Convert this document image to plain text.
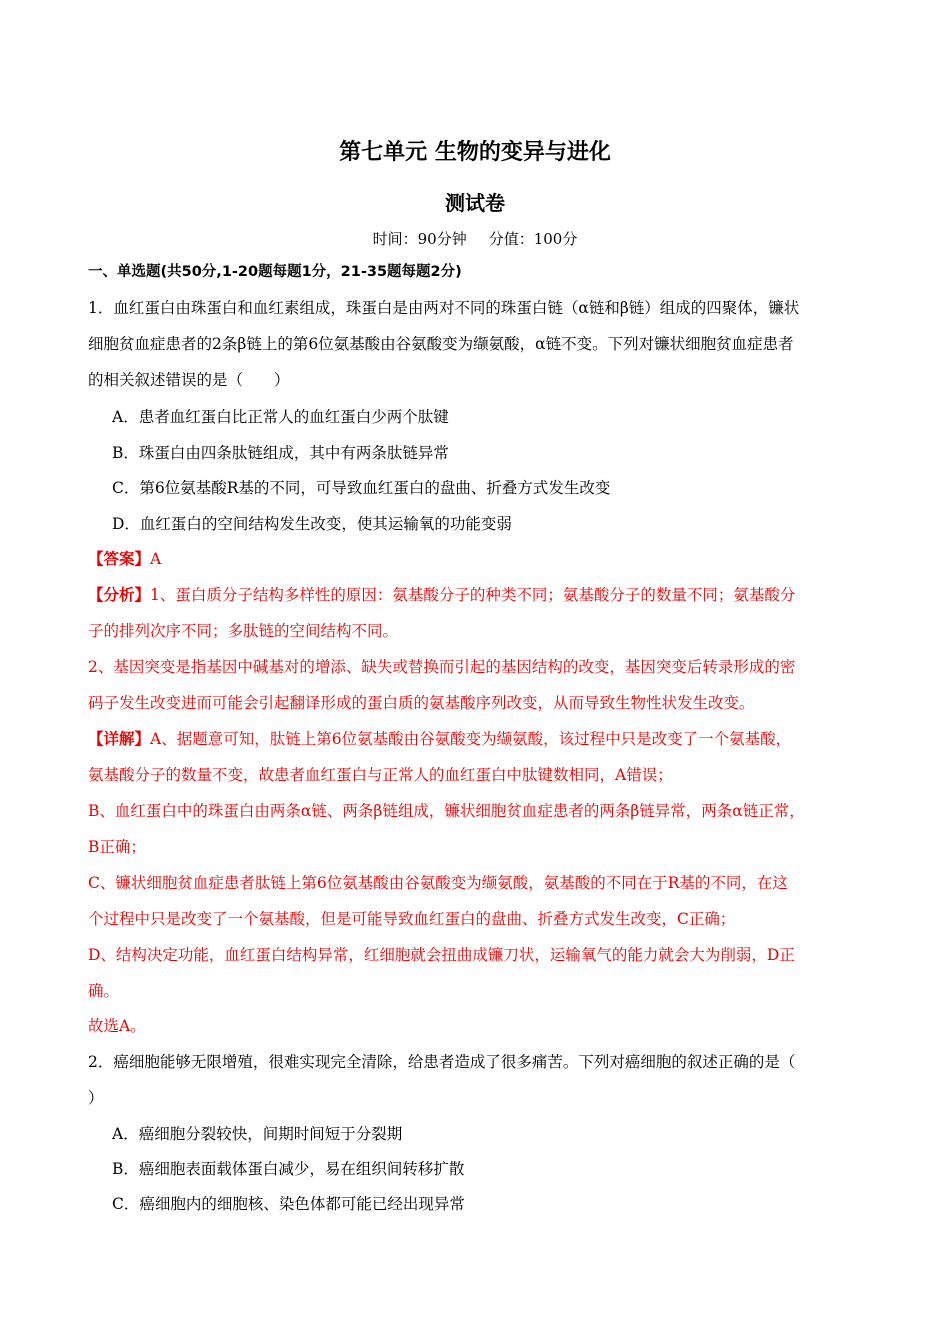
第七单元 生物的变异与进化
测试卷
时间：90分钟 分值：100分
一、单选题(共50分,1-20题每题1分，21-35题每题2分)
1．血红蛋白由珠蛋白和血红素组成，珠蛋白是由两对不同的珠蛋白链（α链和β链）组成的四聚体，镰状
细胞贫血症患者的2条β链上的第6位氨基酸由谷氨酸变为缬氨酸，α链不变。下列对镰状细胞贫血症患者
的相关叙述错误的是（　　）
A．患者血红蛋白比正常人的血红蛋白少两个肽键
B．珠蛋白由四条肽链组成，其中有两条肽链异常
C．第6位氨基酸R基的不同，可导致血红蛋白的盘曲、折叠方式发生改变
D．血红蛋白的空间结构发生改变，使其运输氧的功能变弱
【答案】A
【分析】1、蛋白质分子结构多样性的原因：氨基酸分子的种类不同；氨基酸分子的数量不同；氨基酸分
子的排列次序不同；多肽链的空间结构不同。
2、基因突变是指基因中碱基对的增添、缺失或替换而引起的基因结构的改变，基因突变后转录形成的密
码子发生改变进而可能会引起翻译形成的蛋白质的氨基酸序列改变，从而导致生物性状发生改变。
【详解】A、据题意可知，肽链上第6位氨基酸由谷氨酸变为缬氨酸，该过程中只是改变了一个氨基酸，
氨基酸分子的数量不变，故患者血红蛋白与正常人的血红蛋白中肽键数相同，A错误；
B、血红蛋白中的珠蛋白由两条α链、两条β链组成，镰状细胞贫血症患者的两条β链异常，两条α链正常，
B正确；
C、镰状细胞贫血症患者肽链上第6位氨基酸由谷氨酸变为缬氨酸，氨基酸的不同在于R基的不同，在这
个过程中只是改变了一个氨基酸，但是可能导致血红蛋白的盘曲、折叠方式发生改变，C正确；
D、结构决定功能，血红蛋白结构异常，红细胞就会扭曲成镰刀状，运输氧气的能力就会大为削弱，D正
确。
故选A。
2．癌细胞能够无限增殖，很难实现完全清除，给患者造成了很多痛苦。下列对癌细胞的叙述正确的是（
）
A．癌细胞分裂较快，间期时间短于分裂期
B．癌细胞表面载体蛋白减少，易在组织间转移扩散
C．癌细胞内的细胞核、染色体都可能已经出现异常
